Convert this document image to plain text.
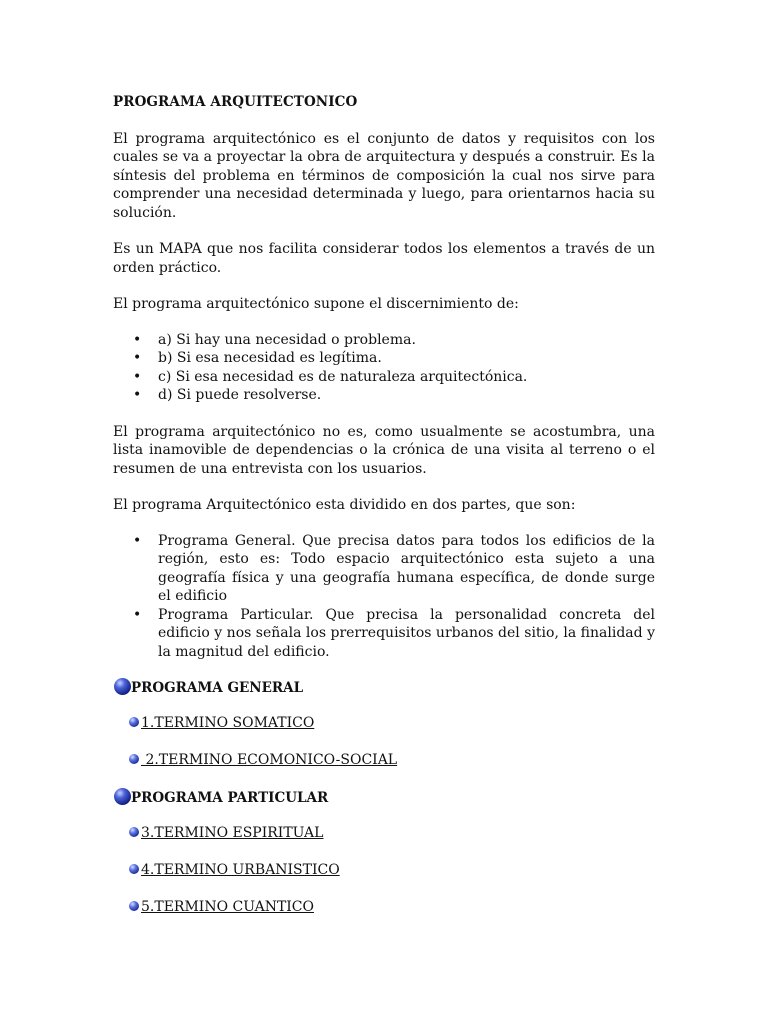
PROGRAMA ARQUITECTONICO

El programa arquitectónico es el conjunto de datos y requisitos con los cuales se va a proyectar la obra de arquitectura y después a construir. Es la síntesis del problema en términos de composición la cual nos sirve para comprender una necesidad determinada y luego, para orientarnos hacia su solución.

Es un MAPA que nos facilita considerar todos los elementos a través de un orden práctico.

El programa arquitectónico supone el discernimiento de:

• a) Si hay una necesidad o problema.
• b) Si esa necesidad es legítima.
• c) Si esa necesidad es de naturaleza arquitectónica.
• d) Si puede resolverse.

El programa arquitectónico no es, como usualmente se acostumbra, una lista inamovible de dependencias o la crónica de una visita al terreno o el resumen de una entrevista con los usuarios.

El programa Arquitectónico esta dividido en dos partes, que son:

• Programa General. Que precisa datos para todos los edificios de la región, esto es: Todo espacio arquitectónico esta sujeto a una geografía física y una geografía humana específica, de donde surge el edificio
• Programa Particular. Que precisa la personalidad concreta del edificio y nos señala los prerrequisitos urbanos del sitio, la finalidad y la magnitud del edificio.
PROGRAMA GENERAL
1.TERMINO SOMATICO
2.TERMINO ECOMONICO-SOCIAL
PROGRAMA PARTICULAR
3.TERMINO ESPIRITUAL
4.TERMINO URBANISTICO
5.TERMINO CUANTICO
